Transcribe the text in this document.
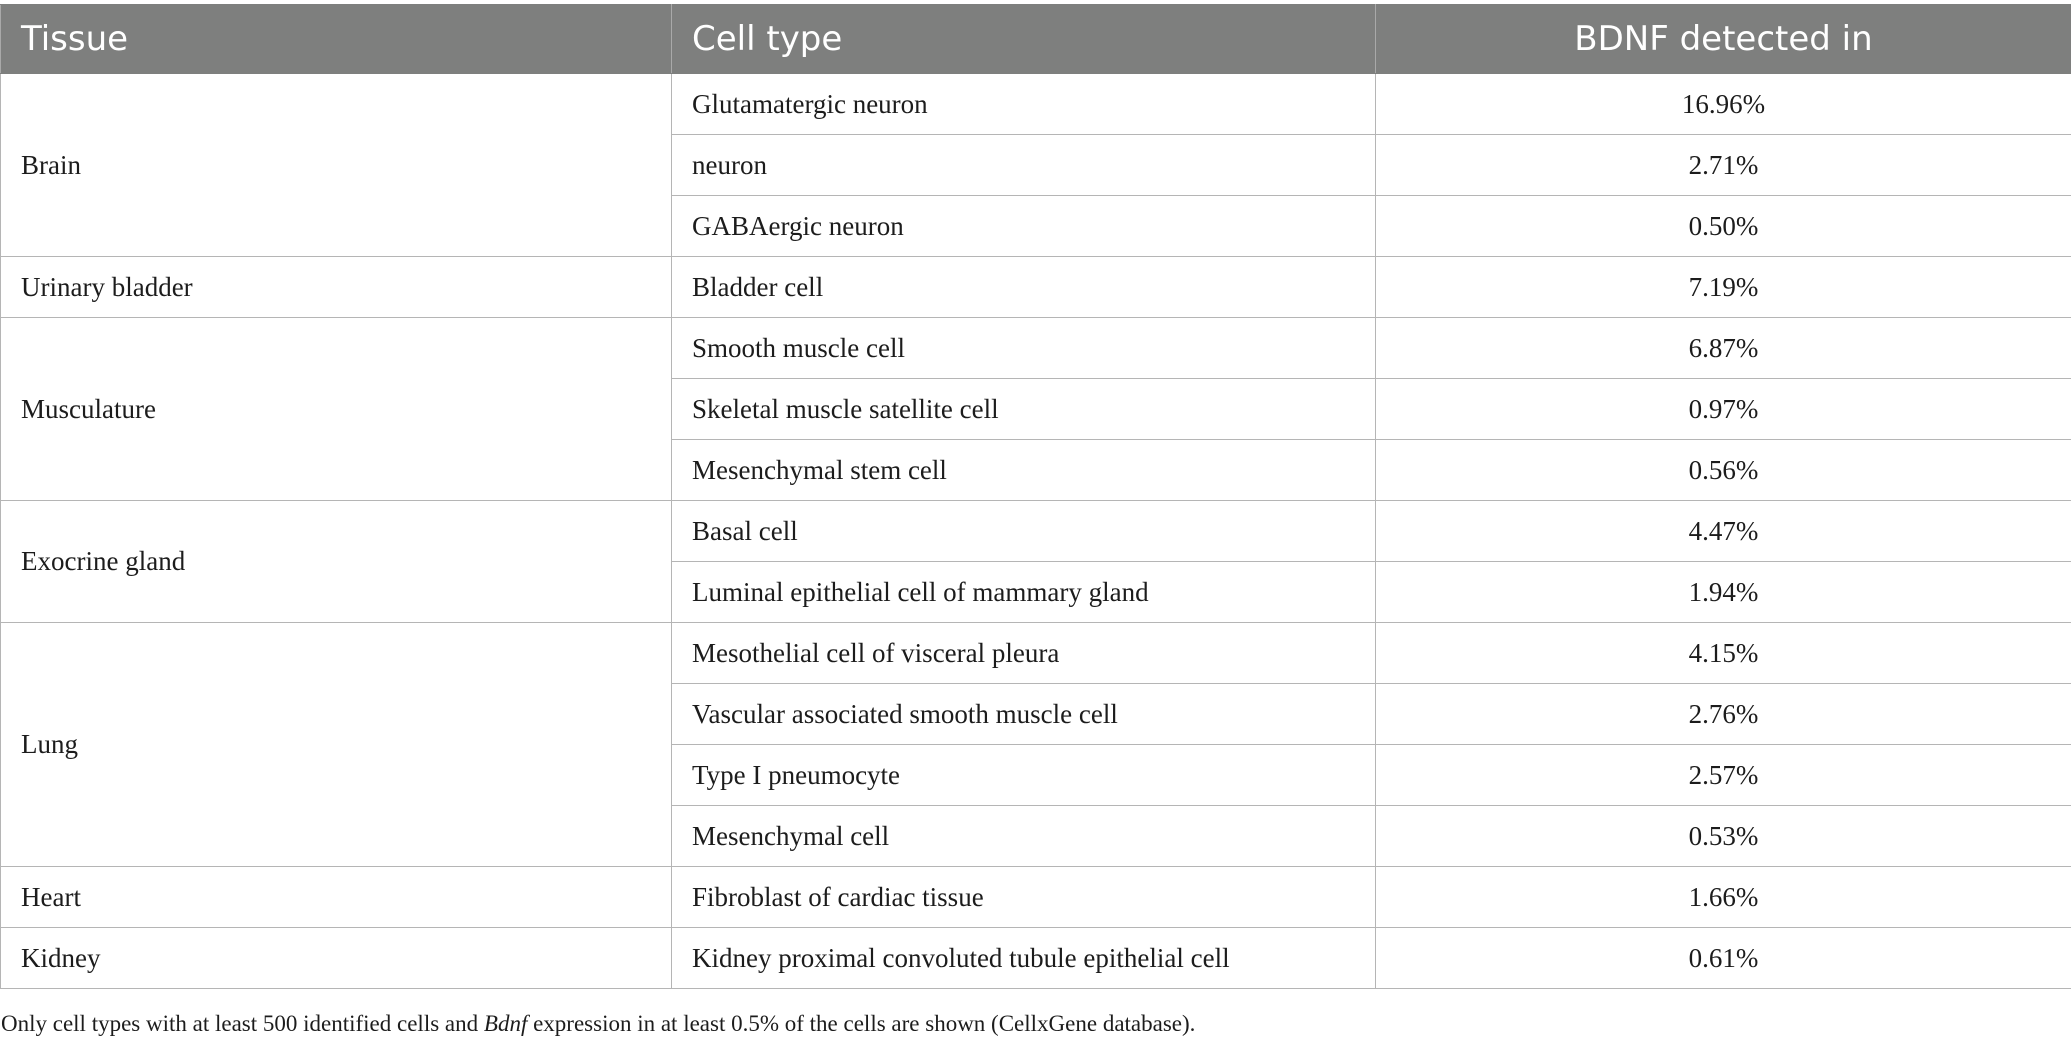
Tissue	Cell type	BDNF detected in
Brain	Glutamatergic neuron	16.96%
	neuron	2.71%
	GABAergic neuron	0.50%
Urinary bladder	Bladder cell	7.19%
Musculature	Smooth muscle cell	6.87%
	Skeletal muscle satellite cell	0.97%
	Mesenchymal stem cell	0.56%
Exocrine gland	Basal cell	4.47%
	Luminal epithelial cell of mammary gland	1.94%
Lung	Mesothelial cell of visceral pleura	4.15%
	Vascular associated smooth muscle cell	2.76%
	Type I pneumocyte	2.57%
	Mesenchymal cell	0.53%
Heart	Fibroblast of cardiac tissue	1.66%
Kidney	Kidney proximal convoluted tubule epithelial cell	0.61%
Only cell types with at least 500 identified cells and Bdnf expression in at least 0.5% of the cells are shown (CellxGene database).
